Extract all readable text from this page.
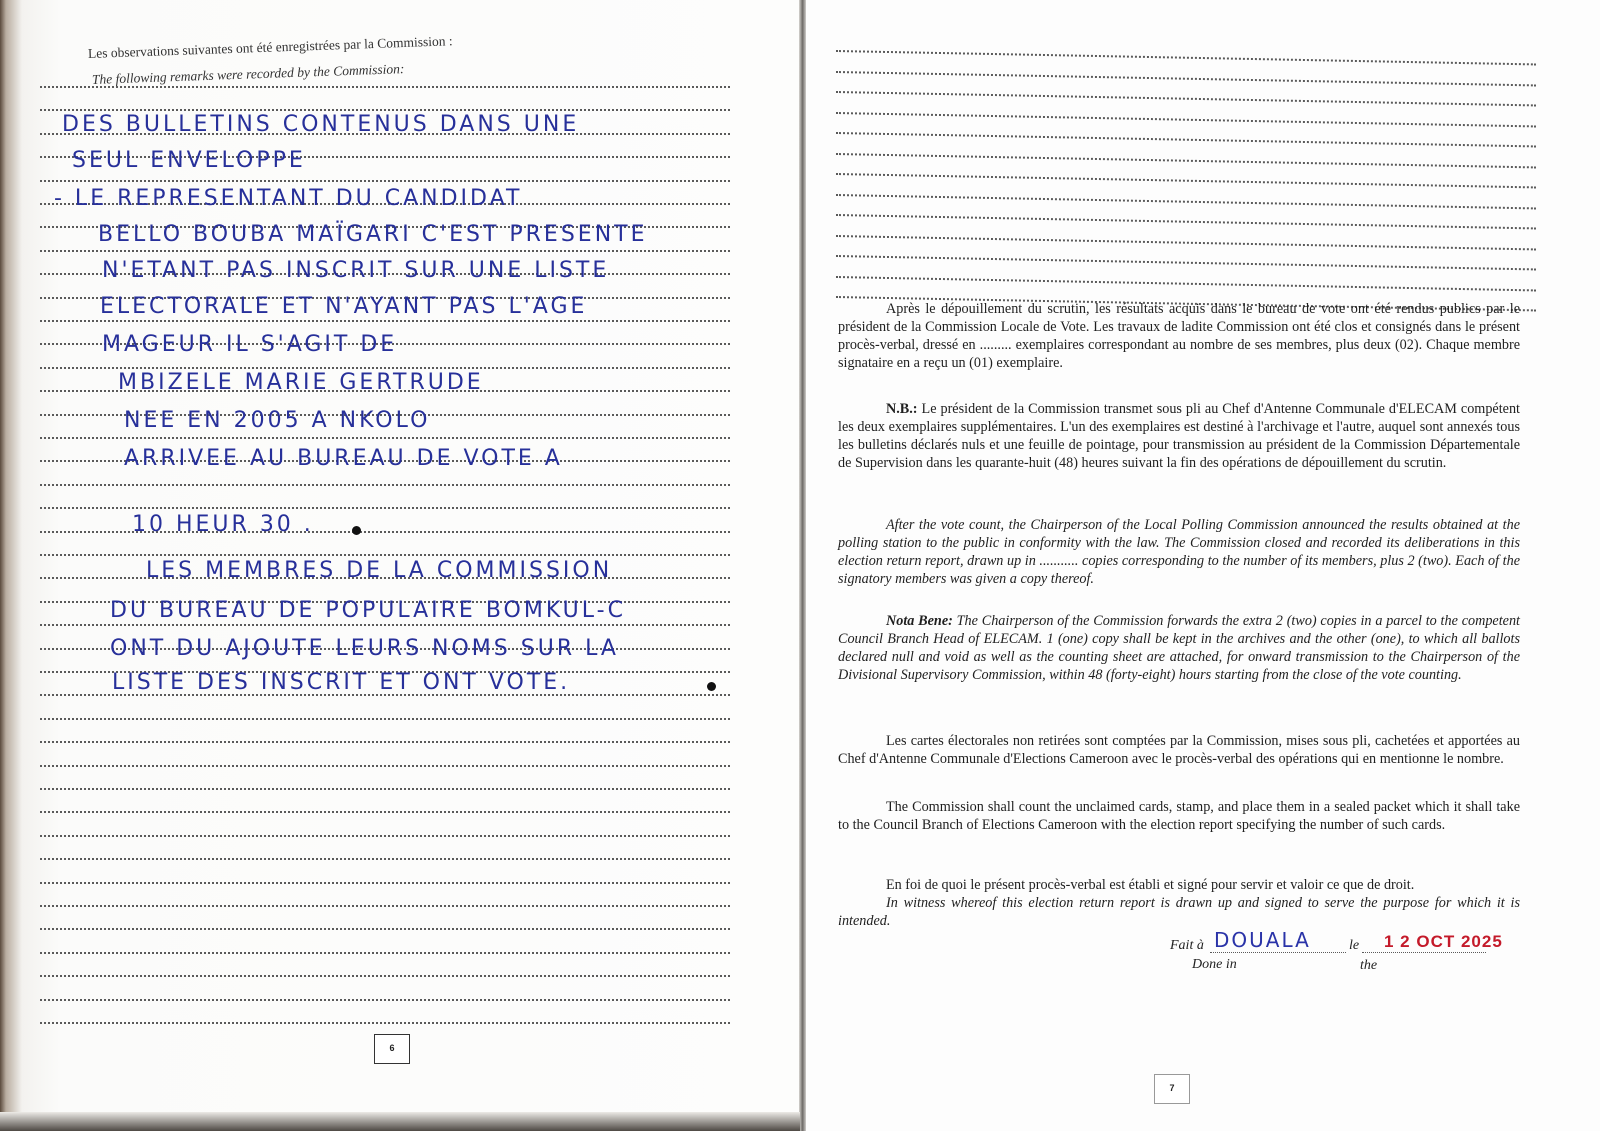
Les observations suivantes ont été enregistrées par la Commission :
The following remarks were recorded by the Commission:
DES BULLETINS CONTENUS DANS UNE
SEUL ENVELOPPE
- LE REPRESENTANT DU CANDIDAT
BELLO BOUBA MAÏGARI C'EST PRESENTE
N'ETANT PAS INSCRIT SUR UNE LISTE
ELECTORALE ET N'AYANT PAS L'AGE
MAGEUR IL S'AGIT DE
MBIZELE MARIE GERTRUDE
NEE EN 2005 A NKOLO
ARRIVEE AU BUREAU DE VOTE A
10 HEUR 30 .
LES MEMBRES DE LA COMMISSION
DU BUREAU DE POPULAIRE BOMKUL-C
ONT DU AJOUTE LEURS NOMS SUR LA
LISTE DES INSCRIT ET ONT VOTE.
6
7

Après le dépouillement du scrutin, les résultats acquis dans le bureau de vote ont été rendus publics par le président de la Commission Locale de Vote. Les travaux de ladite Commission ont été clos et consignés dans le présent procès-verbal, dressé en ......... exemplaires correspondant au nombre de ses membres, plus deux (02). Chaque membre signataire en a reçu un (01) exemplaire.

N.B.: Le président de la Commission transmet sous pli au Chef d'Antenne Communale d'ELECAM compétent les deux exemplaires supplémentaires. L'un des exemplaires est destiné à l'archivage et l'autre, auquel sont annexés tous les bulletins déclarés nuls et une feuille de pointage, pour transmission au président de la Commission Départementale de Supervision dans les quarante-huit (48) heures suivant la fin des opérations de dépouillement du scrutin.

After the vote count, the Chairperson of the Local Polling Commission announced the results obtained at the polling station to the public in conformity with the law. The Commission closed and recorded its deliberations in this election return report, drawn up in ........... copies corresponding to the number of its members, plus 2 (two). Each of the signatory members was given a copy thereof.

Nota Bene: The Chairperson of the Commission forwards the extra 2 (two) copies in a parcel to the competent Council Branch Head of ELECAM. 1 (one) copy shall be kept in the archives and the other (one), to which all ballots declared null and void as well as the counting sheet are attached, for onward transmission to the Chairperson of the Divisional Supervisory Commission, within 48 (forty-eight) hours starting from the close of the vote counting.

Les cartes électorales non retirées sont comptées par la Commission, mises sous pli, cachetées et apportées au Chef d'Antenne Communale d'Elections Cameroon avec le procès-verbal des opérations qui en mentionne le nombre.

The Commission shall count the unclaimed cards, stamp, and place them in a sealed packet which it shall take to the Council Branch of Elections Cameroon with the election report specifying the number of such cards.

En foi de quoi le présent procès-verbal est établi et signé pour servir et valoir ce que de droit.

In witness whereof this election return report is drawn up and signed to serve the purpose for which it is intended.

Fait à DOUALA	le 1 2 OCT 2025
Done in	the
